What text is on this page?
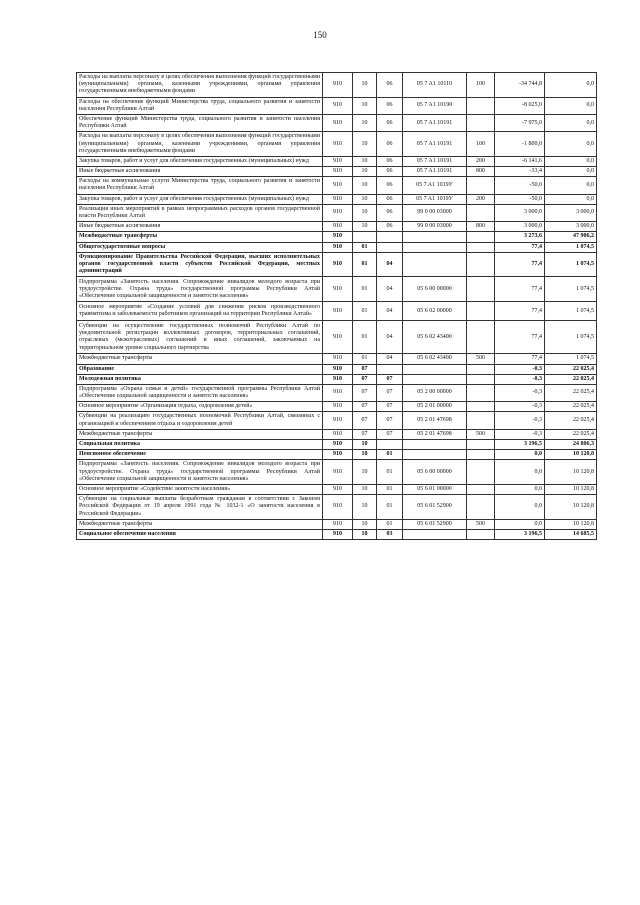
150
Расходы на выплаты персоналу в целях обеспечения выполнения функций государственными (муниципальными) органами, казенными учреждениями, органами управления государственными внебюджетными фондами	910	10	06	05 7 A1 10110	100	-34 744,8	0,0
Расходы на обеспечение функций Министерства труда, социального развития и занятости населения Республики Алтай	910	10	06	05 7 A1 10190		-8 025,0	0,0
Обеспечение функций Министерства труда, социального развития и занятости населения Республики Алтай	910	10	06	05 7 A1 10191		-7 975,0	0,0
Расходы на выплаты персоналу в целях обеспечения выполнения функций государственными (муниципальными) органами, казенными учреждениями, органами управления государственными внебюджетными фондами	910	10	06	05 7 A1 10191	100	-1 800,0	0,0
Закупка товаров, работ и услуг для обеспечения государственных (муниципальных) нужд	910	10	06	05 7 A1 10191	200	-6 141,6	0,0
Иные бюджетные ассигнования	910	10	06	05 7 A1 10191	800	-33,4	0,0
Расходы на коммунальные услуги Министерства труда, социального развития и занятости населения Республики Алтай	910	10	06	05 7 A1 1019У		-50,0	0,0
Закупка товаров, работ и услуг для обеспечения государственных (муниципальных) нужд	910	10	06	05 7 A1 1019У	200	-50,0	0,0
Реализация иных мероприятий в рамках непрограммных расходов органов государственной власти Республики Алтай	910	10	06	99 0 00 03000		3 000,0	3 000,0
Иные бюджетные ассигнования	910	10	06	99 0 00 03000	800	3 000,0	3 000,0
Межбюджетные трансферты	910					3 273,6	47 906,2
Общегосударственные вопросы	910	01				77,4	1 074,5
Функционирование Правительства Российской Федерации, высших исполнительных органов государственной власти субъектов Российской Федерации, местных администраций	910	01	04			77,4	1 074,5
Подпрограмма «Занятость населения. Сопровождение инвалидов молодого возраста при трудоустройстве. Охрана труда» государственной программы Республики Алтай «Обеспечение социальной защищенности и занятости населения»	910	01	04	05 6 00 00000		77,4	1 074,5
Основное мероприятие «Создание условий для снижения рисков производственного травматизма и заболеваемости работников организаций на территории Республики Алтай»	910	01	04	05 6 02 00000		77,4	1 074,5
Субвенции на осуществление государственных полномочий Республики Алтай по уведомительной регистрации коллективных договоров, территориальных соглашений, отраслевых (межотраслевых) соглашений и иных соглашений, заключаемых на территориальном уровне социального партнерства	910	01	04	05 6 02 43400		77,4	1 074,5
Межбюджетные трансферты	910	01	04	05 6 02 43400	500	77,4	1 074,5
Образование	910	07				-0,3	22 025,4
Молодежная политика	910	07	07			-0,3	22 025,4
Подпрограмма «Охрана семьи и детей» государственной программы Республики Алтай «Обеспечение социальной защищенности и занятости населения»	910	07	07	05 2 00 00000		-0,3	22 025,4
Основное мероприятие «Организация отдыха, оздоровления детей»	910	07	07	05 2 01 00000		-0,3	22 025,4
Субвенции на реализацию государственных полномочий Республики Алтай, связанных с организацией и обеспечением отдыха и оздоровления детей	910	07	07	05 2 01 47698		-0,3	22 025,4
Межбюджетные трансферты	910	07	07	05 2 01 47698	500	-0,3	22 025,4
Социальная политика	910	10				3 196,5	24 806,3
Пенсионное обеспечение	910	10	01			0,0	10 120,8
Подпрограмма «Занятость населения. Сопровождение инвалидов молодого возраста при трудоустройстве. Охрана труда» государственной программы Республики Алтай «Обеспечение социальной защищенности и занятости населения»	910	10	01	05 6 00 00000		0,0	10 120,8
Основное мероприятие «Содействие занятости населения»	910	10	01	05 6 01 00000		0,0	10 120,8
Субвенции на социальные выплаты безработным гражданам в соответствии с Законом Российской Федерации от 19 апреля 1991 года № 1032-1 «О занятости населения в Российской Федерации»	910	10	01	05 6 01 52900		0,0	10 120,8
Межбюджетные трансферты	910	10	01	05 6 01 52900	500	0,0	10 120,8
Социальное обеспечение населения	910	10	03			3 196,5	14 685,5
